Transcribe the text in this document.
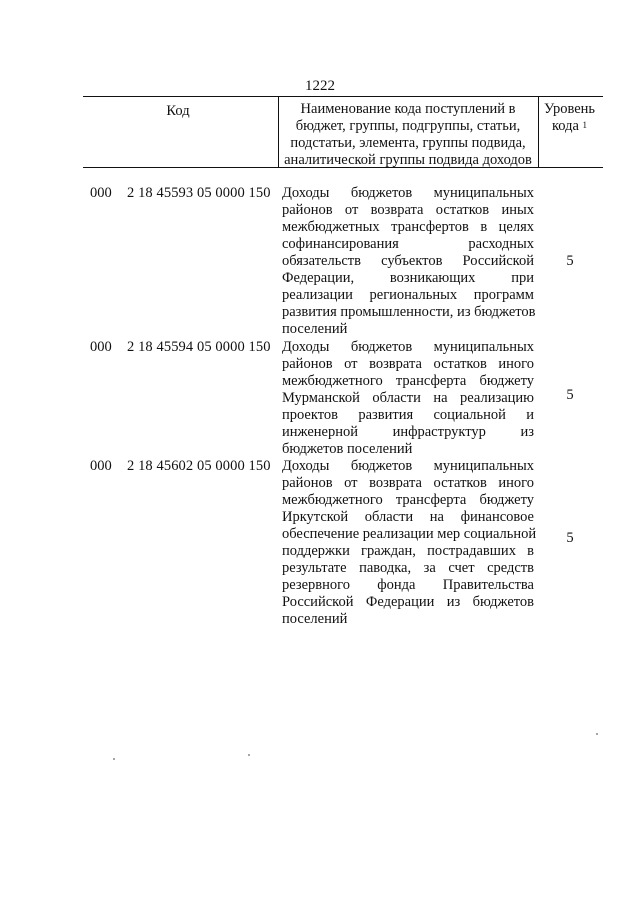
1222
Код	Наименование кода поступлений в
бюджет, группы, подгруппы, статьи,
подстатьи, элемента, группы подвида,
аналитической группы подвида доходов
Уровень
кода $^1$
000 2 18 45593 05 0000 150 Доходы бюджетов муниципальных
районов от возврата остатков иных
межбюджетных трансфертов в целях
софинансирования расходных
обязательств субъектов Российской
Федерации, возникающих при
реализации региональных программ
развития промышленности, из бюджетов
поселений
5
000 2 18 45594 05 0000 150 Доходы бюджетов муниципальных
районов от возврата остатков иного
межбюджетного трансферта бюджету
Мурманской области на реализацию
проектов развития социальной и
инженерной инфраструктур из
бюджетов поселений
5
000 2 18 45602 05 0000 150 Доходы бюджетов муниципальных
районов от возврата остатков иного
межбюджетного трансферта бюджету
Иркутской области на финансовое
обеспечение реализации мер социальной
поддержки граждан, пострадавших в
результате паводка, за счет средств
резервного фонда Правительства
Российской Федерации из бюджетов
поселений
5
